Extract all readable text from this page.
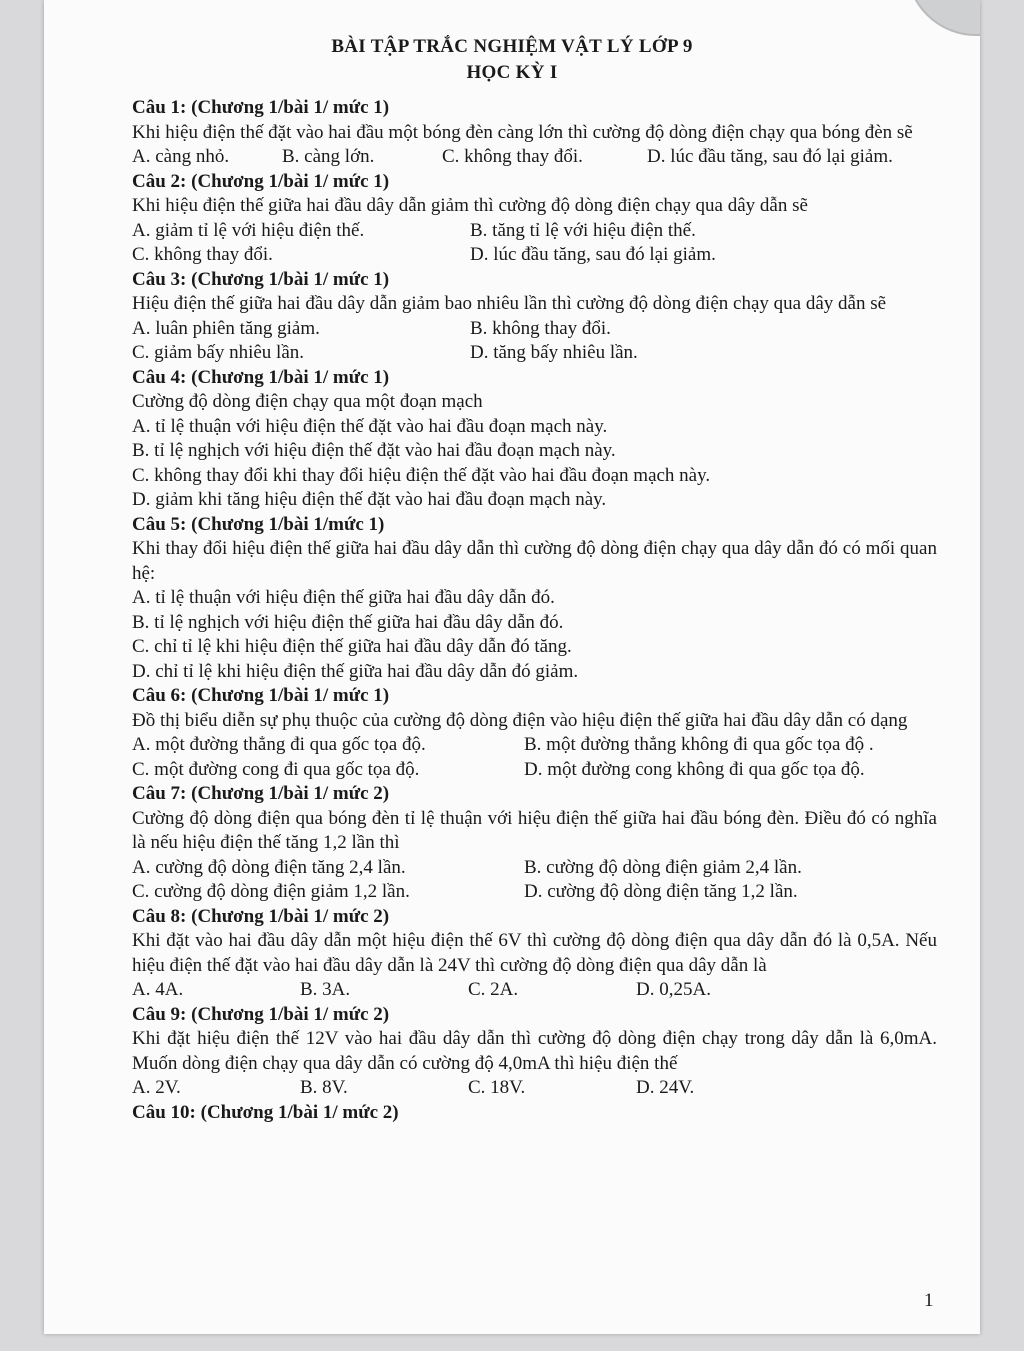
BÀI TẬP TRẮC NGHIỆM VẬT LÝ LỚP 9
HỌC KỲ I
Câu 1: (Chương 1/bài 1/ mức 1)
Khi hiệu điện thế đặt vào hai đầu một bóng đèn càng lớn thì cường độ dòng điện chạy qua bóng đèn sẽ
A. càng nhỏ.	B. càng lớn.	C. không thay đổi.	D. lúc đầu tăng, sau đó lại giảm.
Câu 2: (Chương 1/bài 1/ mức 1)
Khi hiệu điện thế giữa hai đầu dây dẫn giảm thì cường độ dòng điện chạy qua dây dẫn sẽ
A. giảm tỉ lệ với hiệu điện thế.	B. tăng tỉ lệ với hiệu điện thế.
C. không thay đổi.	D. lúc đầu tăng, sau đó lại giảm.
Câu 3: (Chương 1/bài 1/ mức 1)
Hiệu điện thế giữa hai đầu dây dẫn giảm bao nhiêu lần thì cường độ dòng điện chạy qua dây dẫn sẽ
A. luân phiên tăng giảm.	B. không thay đổi.
C. giảm bấy nhiêu lần.	D. tăng bấy nhiêu lần.
Câu 4: (Chương 1/bài 1/ mức 1)
Cường độ dòng điện chạy qua một đoạn mạch
A. tỉ lệ thuận với hiệu điện thế đặt vào hai đầu đoạn mạch này.
B. tỉ lệ nghịch với hiệu điện thế đặt vào hai đầu đoạn mạch này.
C. không thay đổi khi thay đổi hiệu điện thế đặt vào hai đầu đoạn mạch này.
D. giảm khi tăng hiệu điện thế đặt vào hai đầu đoạn mạch này.
Câu 5: (Chương 1/bài 1/mức 1)
Khi thay đổi hiệu điện thế giữa hai đầu dây dẫn thì cường độ dòng điện chạy qua dây dẫn đó có mối quan hệ:
A. tỉ lệ thuận với hiệu điện thế giữa hai đầu dây dẫn đó.
B. tỉ lệ nghịch với hiệu điện thế giữa hai đầu dây dẫn đó.
C. chỉ tỉ lệ khi hiệu điện thế giữa hai đầu dây dẫn đó tăng.
D. chỉ tỉ lệ khi hiệu điện thế giữa hai đầu dây dẫn đó giảm.
Câu 6: (Chương 1/bài 1/ mức 1)
Đồ thị biểu diễn sự phụ thuộc của cường độ dòng điện vào hiệu điện thế giữa hai đầu dây dẫn có dạng
A. một đường thẳng đi qua gốc tọa độ.	B. một đường thẳng không đi qua gốc tọa độ .
C. một đường cong đi qua gốc tọa độ.	D. một đường cong không đi qua gốc tọa độ.
Câu 7: (Chương 1/bài 1/ mức 2)
Cường độ dòng điện qua bóng đèn tỉ lệ thuận với hiệu điện thế giữa hai đầu bóng đèn. Điều đó có nghĩa là nếu hiệu điện thế tăng 1,2 lần thì
A. cường độ dòng điện tăng 2,4 lần.	B. cường độ dòng điện giảm 2,4 lần.
C. cường độ dòng điện giảm 1,2 lần.	D. cường độ dòng điện tăng 1,2 lần.
Câu 8: (Chương 1/bài 1/ mức 2)
Khi đặt vào hai đầu dây dẫn một hiệu điện thế 6V thì cường độ dòng điện qua dây dẫn đó là 0,5A. Nếu hiệu điện thế đặt vào hai đầu dây dẫn là 24V thì cường độ dòng điện qua dây dẫn là
A. 4A.	B. 3A.	C. 2A.	D. 0,25A.
Câu 9: (Chương 1/bài 1/ mức 2)
Khi đặt hiệu điện thế 12V vào hai đầu dây dẫn thì cường độ dòng điện chạy trong dây dẫn là 6,0mA. Muốn dòng điện chạy qua dây dẫn có cường độ 4,0mA thì hiệu điện thế
A. 2V.	B. 8V.	C. 18V.	D. 24V.
Câu 10: (Chương 1/bài 1/ mức 2)
1
